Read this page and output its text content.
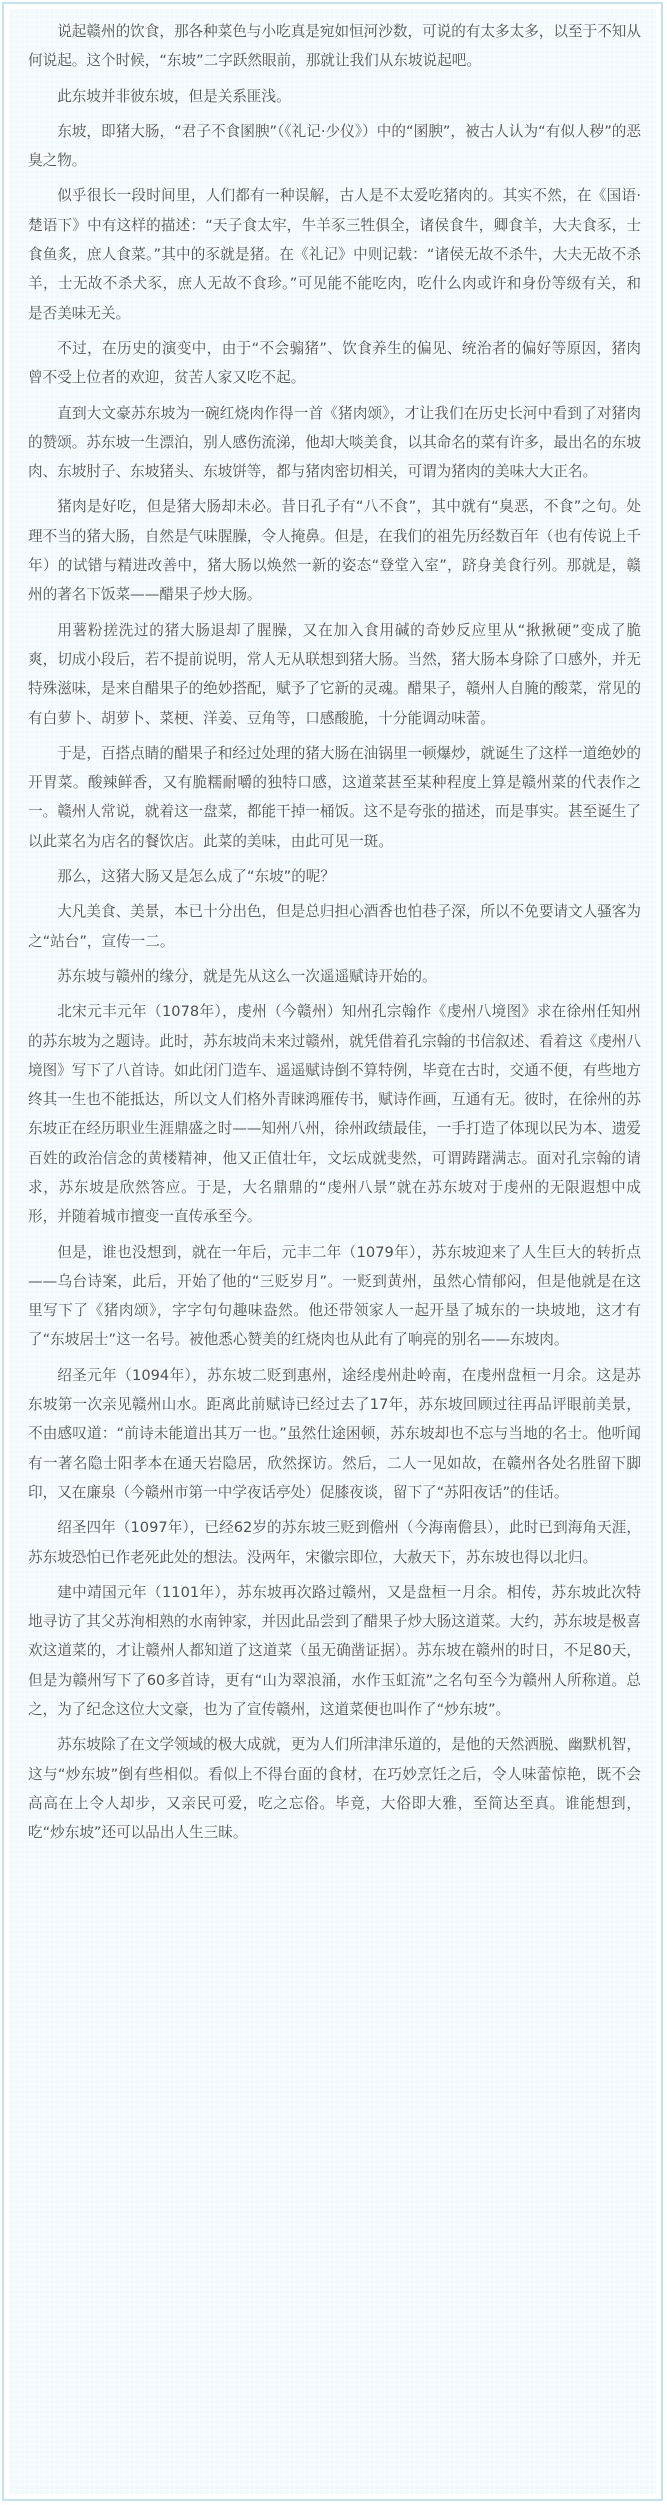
说起赣州的饮食，那各种菜色与小吃真是宛如恒河沙数，可说的有太多太多，以至于不知从何说起。这个时候，“东坡”二字跃然眼前，那就让我们从东坡说起吧。

此东坡并非彼东坡，但是关系匪浅。

东坡，即猪大肠，“君子不食圂腴”（《礼记·少仪》）中的“圂腴”，被古人认为“有似人秽”的恶臭之物。

似乎很长一段时间里，人们都有一种误解，古人是不太爱吃猪肉的。其实不然，在《国语·楚语下》中有这样的描述：“天子食太牢，牛羊豕三牲俱全，诸侯食牛，卿食羊，大夫食豕，士食鱼炙，庶人食菜。”其中的豕就是猪。在《礼记》中则记载：“诸侯无故不杀牛，大夫无故不杀羊，士无故不杀犬豕，庶人无故不食珍。”可见能不能吃肉，吃什么肉或许和身份等级有关，和是否美味无关。

不过，在历史的演变中，由于“不会骟猪”、饮食养生的偏见、统治者的偏好等原因，猪肉曾不受上位者的欢迎，贫苦人家又吃不起。

直到大文豪苏东坡为一碗红烧肉作得一首《猪肉颂》，才让我们在历史长河中看到了对猪肉的赞颂。苏东坡一生漂泊，别人感伤流涕，他却大啖美食，以其命名的菜有许多，最出名的东坡肉、东坡肘子、东坡猪头、东坡饼等，都与猪肉密切相关，可谓为猪肉的美味大大正名。

猪肉是好吃，但是猪大肠却未必。昔日孔子有“八不食”，其中就有“臭恶，不食”之句。处理不当的猪大肠，自然是气味腥臊，令人掩鼻。但是，在我们的祖先历经数百年（也有传说上千年）的试错与精进改善中，猪大肠以焕然一新的姿态“登堂入室”，跻身美食行列。那就是，赣州的著名下饭菜——醋果子炒大肠。

用薯粉搓洗过的猪大肠退却了腥臊，又在加入食用碱的奇妙反应里从“揪揪硬”变成了脆爽，切成小段后，若不提前说明，常人无从联想到猪大肠。当然，猪大肠本身除了口感外，并无特殊滋味，是来自醋果子的绝妙搭配，赋予了它新的灵魂。醋果子，赣州人自腌的酸菜，常见的有白萝卜、胡萝卜、菜梗、洋姜、豆角等，口感酸脆，十分能调动味蕾。

于是，百搭点睛的醋果子和经过处理的猪大肠在油锅里一顿爆炒，就诞生了这样一道绝妙的开胃菜。酸辣鲜香，又有脆糯耐嚼的独特口感，这道菜甚至某种程度上算是赣州菜的代表作之一。赣州人常说，就着这一盘菜，都能干掉一桶饭。这不是夸张的描述，而是事实。甚至诞生了以此菜名为店名的餐饮店。此菜的美味，由此可见一斑。

那么，这猪大肠又是怎么成了“东坡”的呢？

大凡美食、美景，本已十分出色，但是总归担心酒香也怕巷子深，所以不免要请文人骚客为之“站台”，宣传一二。

苏东坡与赣州的缘分，就是先从这么一次遥遥赋诗开始的。

北宋元丰元年（1078年），虔州（今赣州）知州孔宗翰作《虔州八境图》求在徐州任知州的苏东坡为之题诗。此时，苏东坡尚未来过赣州，就凭借着孔宗翰的书信叙述、看着这《虔州八境图》写下了八首诗。如此闭门造车、遥遥赋诗倒不算特例，毕竟在古时，交通不便，有些地方终其一生也不能抵达，所以文人们格外青睐鸿雁传书，赋诗作画，互通有无。彼时，在徐州的苏东坡正在经历职业生涯鼎盛之时——知州八州，徐州政绩最佳，一手打造了体现以民为本、遗爱百姓的政治信念的黄楼精神，他又正值壮年，文坛成就斐然，可谓踌躇满志。面对孔宗翰的请求，苏东坡是欣然答应。于是，大名鼎鼎的“虔州八景”就在苏东坡对于虔州的无限遐想中成形，并随着城市擅变一直传承至今。

但是，谁也没想到，就在一年后，元丰二年（1079年），苏东坡迎来了人生巨大的转折点——乌台诗案，此后，开始了他的“三贬岁月”。一贬到黄州，虽然心情郁闷，但是他就是在这里写下了《猪肉颂》，字字句句趣味盎然。他还带领家人一起开垦了城东的一块坡地，这才有了“东坡居士”这一名号。被他悉心赞美的红烧肉也从此有了响亮的别名——东坡肉。

绍圣元年（1094年），苏东坡二贬到惠州，途经虔州赴岭南，在虔州盘桓一月余。这是苏东坡第一次亲见赣州山水。距离此前赋诗已经过去了17年，苏东坡回顾过往再品评眼前美景，不由感叹道：“前诗未能道出其万一也。”虽然仕途困顿，苏东坡却也不忘与当地的名士。他听闻有一著名隐士阳孝本在通天岩隐居，欣然探访。然后，二人一见如故，在赣州各处名胜留下脚印，又在廉泉（今赣州市第一中学夜话亭处）促膝夜谈，留下了“苏阳夜话”的佳话。

绍圣四年（1097年），已经62岁的苏东坡三贬到儋州（今海南儋县），此时已到海角天涯，苏东坡恐怕已作老死此处的想法。没两年，宋徽宗即位，大赦天下，苏东坡也得以北归。

建中靖国元年（1101年），苏东坡再次路过赣州，又是盘桓一月余。相传，苏东坡此次特地寻访了其父苏洵相熟的水南钟家，并因此品尝到了醋果子炒大肠这道菜。大约，苏东坡是极喜欢这道菜的，才让赣州人都知道了这道菜（虽无确凿证据）。苏东坡在赣州的时日，不足80天，但是为赣州写下了60多首诗，更有“山为翠浪涌，水作玉虹流”之名句至今为赣州人所称道。总之，为了纪念这位大文豪，也为了宣传赣州，这道菜便也叫作了“炒东坡”。

苏东坡除了在文学领域的极大成就，更为人们所津津乐道的，是他的天然洒脱、幽默机智，这与“炒东坡”倒有些相似。看似上不得台面的食材，在巧妙烹饪之后，令人味蕾惊艳，既不会高高在上令人却步，又亲民可爱，吃之忘俗。毕竟，大俗即大雅，至简达至真。谁能想到，吃“炒东坡”还可以品出人生三昧。
